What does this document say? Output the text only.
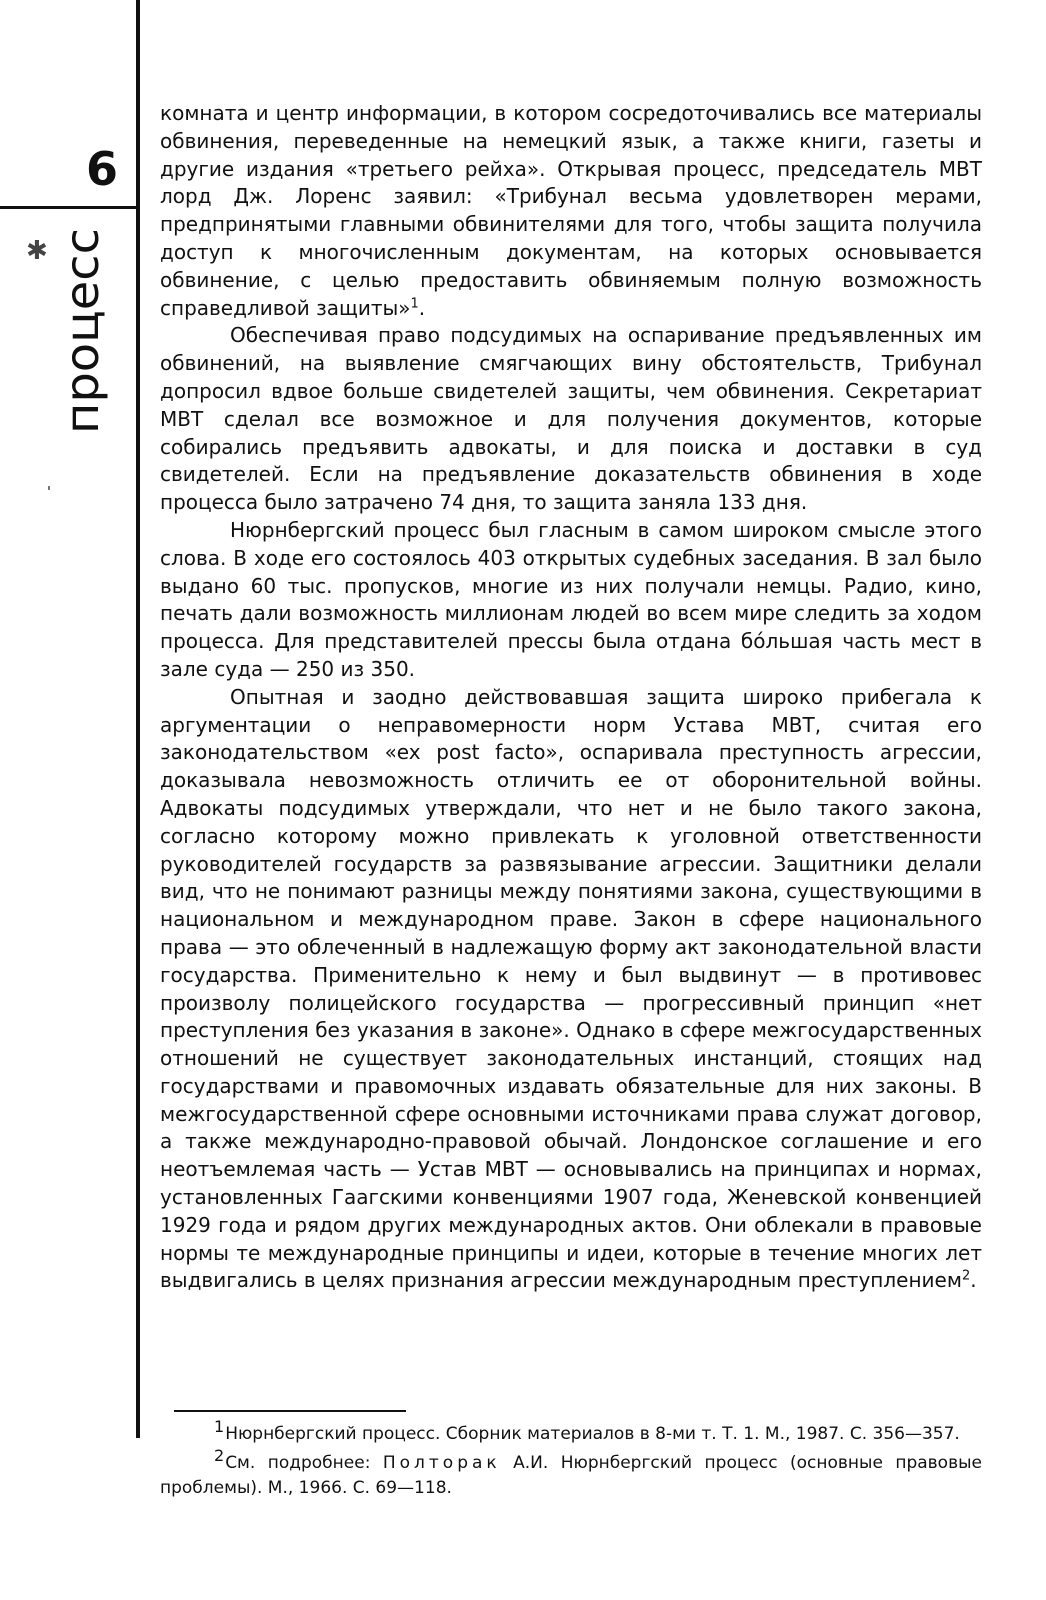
6
✱ процесс

комната и центр информации, в котором сосредоточивались все материалы обвинения, переведенные на немецкий язык, а также книги, газеты и другие издания «третьего рейха». Открывая процесс, председатель МВТ лорд Дж. Лоренс заявил: «Трибунал весьма удовлетворен мерами, предпринятыми главными обвинителями для того, чтобы защита получила доступ к многочисленным документам, на которых основывается обвинение, с целью предоставить обвиняемым полную возможность справедливой защиты»$^1$.

Обеспечивая право подсудимых на оспаривание предъявленных им обвинений, на выявление смягчающих вину обстоятельств, Трибунал допросил вдвое больше свидетелей защиты, чем обвинения. Секретариат МВТ сделал все возможное и для получения документов, которые собирались предъявить адвокаты, и для поиска и доставки в суд свидетелей. Если на предъявление доказательств обвинения в ходе процесса было затрачено 74 дня, то защита заняла 133 дня.

Нюрнбергский процесс был гласным в самом широком смысле этого слова. В ходе его состоялось 403 открытых судебных заседания. В зал было выдано 60 тыс. пропусков, многие из них получали немцы. Радио, кино, печать дали возможность миллионам людей во всем мире следить за ходом процесса. Для представителей прессы была отдана бóльшая часть мест в зале суда — 250 из 350.

Опытная и заодно действовавшая защита широко прибегала к аргументации о неправомерности норм Устава МВТ, считая его законодательством «ex post facto», оспаривала преступность агрессии, доказывала невозможность отличить ее от оборонительной войны. Адвокаты подсудимых утверждали, что нет и не было такого закона, согласно которому можно привлекать к уголовной ответственности руководителей государств за развязывание агрессии. Защитники делали вид, что не понимают разницы между понятиями закона, существующими в национальном и международном праве. Закон в сфере национального права — это облеченный в надлежащую форму акт законодательной власти государства. Применительно к нему и был выдвинут — в противовес произволу полицейского государства — прогрессивный принцип «нет преступления без указания в законе». Однако в сфере межгосударственных отношений не существует законодательных инстанций, стоящих над государствами и правомочных издавать обязательные для них законы. В межгосударственной сфере основными источниками права служат договор, а также международно-правовой обычай. Лондонское соглашение и его неотъемлемая часть — Устав МВТ — основывались на принципах и нормах, установленных Гаагскими конвенциями 1907 года, Женевской конвенцией 1929 года и рядом других международных актов. Они облекали в правовые нормы те международные принципы и идеи, которые в течение многих лет выдвигались в целях признания агрессии международным преступлением$^2$.

1Нюрнбергский процесс. Сборник материалов в 8-ми т. Т. 1. М., 1987. С. 356—357.

2См. подробнее: Полторак А.И. Нюрнбергский процесс (основные правовые проблемы). М., 1966. С. 69—118.
